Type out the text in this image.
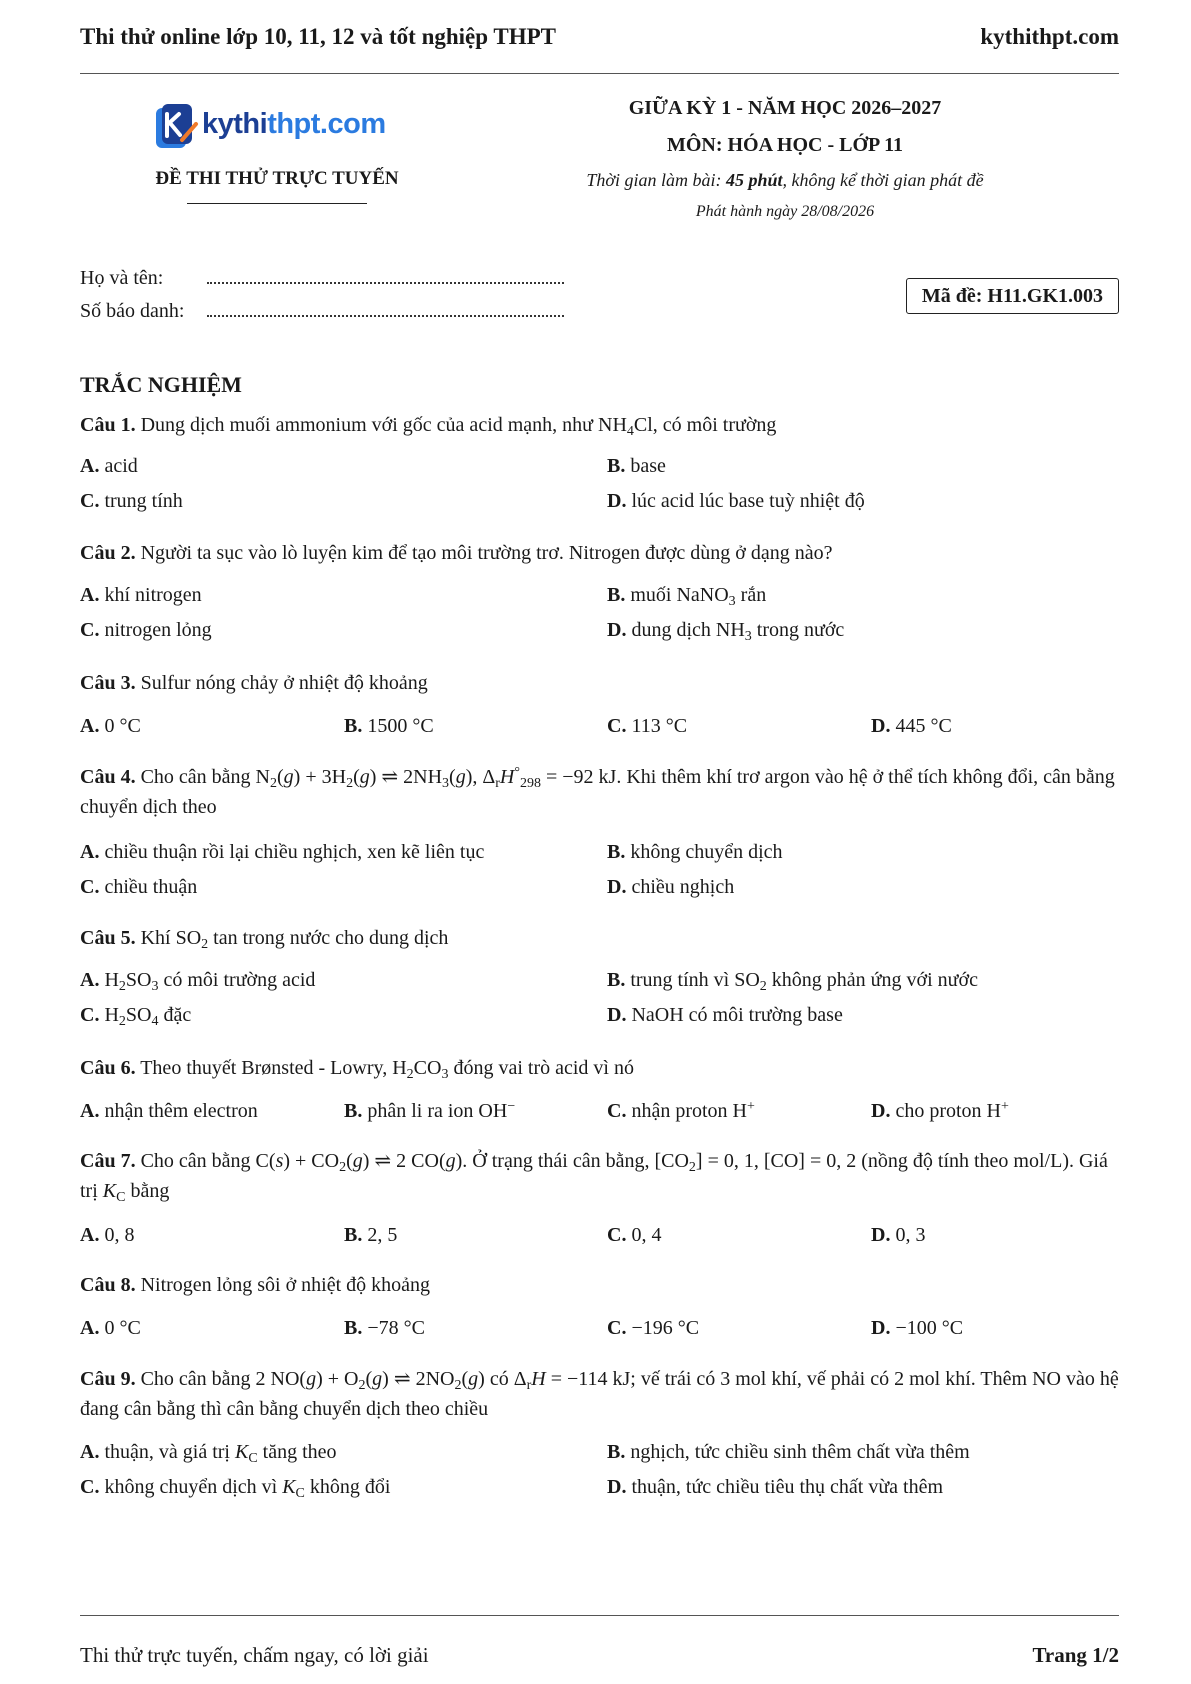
Thi thử online lớp 10, 11, 12 và tốt nghiệp THPT	kythithpt.com
kythithpt.com
ĐỀ THI THỬ TRỰC TUYẾN
GIỮA KỲ 1 - NĂM HỌC 2026–2027
MÔN: HÓA HỌC - LỚP 11
Thời gian làm bài: 45 phút, không kể thời gian phát đề
Phát hành ngày 28/08/2026
Họ và tên:
Số báo danh:
Mã đề: H11.GK1.003
TRẮC NGHIỆM
Câu 1. Dung dịch muối ammonium với gốc của acid mạnh, như $NH_4Cl$, có môi trường
A. acid	B. base
C. trung tính	D. lúc acid lúc base tuỳ nhiệt độ
Câu 2. Người ta sục vào lò luyện kim để tạo môi trường trơ. Nitrogen được dùng ở dạng nào?
A. khí nitrogen	B. muối NaNO$_3$ rắn
C. nitrogen lỏng	D. dung dịch $NH_3$ trong nước
Câu 3. Sulfur nóng chảy ở nhiệt độ khoảng
A. 0 °C	B. 1500 °C	C. 113 °C	D. 445 °C
Câu 4. Cho cân bằng $N_2(g) + 3H_2(g)$ ⇌ $2NH_3(g)$, $\Delta_rH^\circ_{298} = -92$ kJ. Khi thêm khí trơ argon vào hệ ở thể tích không đổi, cân bằng chuyển dịch theo
A. chiều thuận rồi lại chiều nghịch, xen kẽ liên tục	B. không chuyển dịch
C. chiều thuận	D. chiều nghịch
Câu 5. Khí $SO_2$ tan trong nước cho dung dịch
A. $H_2SO_3$ có môi trường acid	B. trung tính vì $SO_2$ không phản ứng với nước
C. $H_2SO_4$ đặc	D. NaOH có môi trường base
Câu 6. Theo thuyết Brønsted - Lowry, $H_2CO_3$ đóng vai trò acid vì nó
A. nhận thêm electron	B. phân li ra ion OH−	C. nhận proton H+	D. cho proton H+
Câu 7. Cho cân bằng $C(s) + CO_2(g)$ ⇌ 2 CO(g). Ở trạng thái cân bằng, $[CO_2] = 0$, 1, [CO] = 0, 2 (nồng độ tính theo mol/L). Giá trị $K_C$ bằng
A. 0, 8	B. 2, 5	C. 0, 4	D. 0, 3
Câu 8. Nitrogen lỏng sôi ở nhiệt độ khoảng
A. 0 °C	B. −78 °C	C. −196 °C	D. −100 °C
Câu 9. Cho cân bằng 2 $NO(g) + O_2(g)$ ⇌ $2NO_2(g)$ có $\Delta_rH = -114$ kJ; vế trái có 3 mol khí, vế phải có 2 mol khí. Thêm NO vào hệ đang cân bằng thì cân bằng chuyển dịch theo chiều
A. thuận, và giá trị $K_C$ tăng theo	B. nghịch, tức chiều sinh thêm chất vừa thêm
C. không chuyển dịch vì $K_C$ không đổi	D. thuận, tức chiều tiêu thụ chất vừa thêm
Thi thử trực tuyến, chấm ngay, có lời giải	Trang 1/2
